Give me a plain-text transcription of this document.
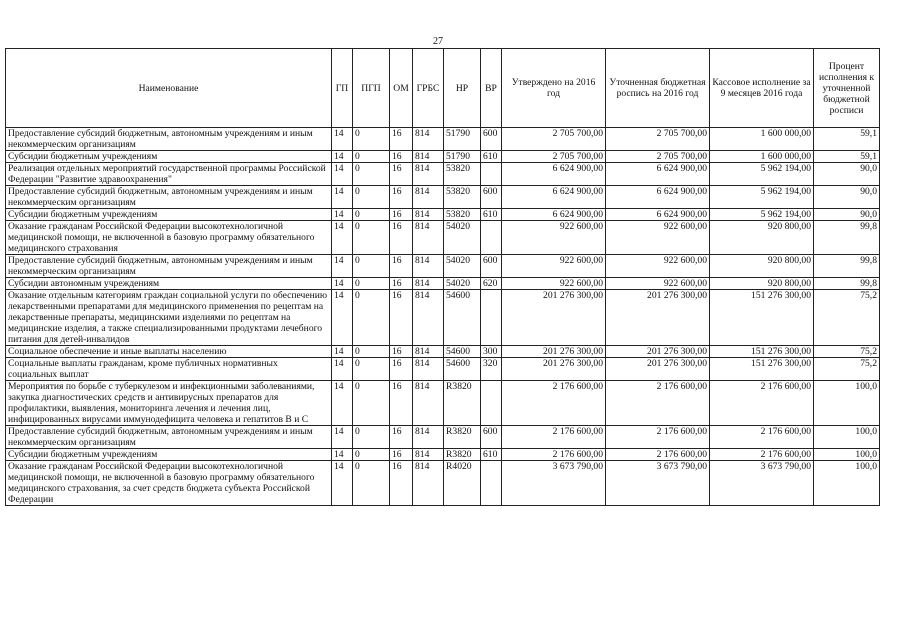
27
Наименование	ГП	ПГП	ОМ	ГРБС	НР	ВР	Утверждено на 2016 год	Уточненная бюджетная роспись на 2016 год	Кассовое исполнение за 9 месяцев 2016 года	Процент исполнения к уточненной бюджетной росписи
Предоставление субсидий бюджетным, автономным учреждениям и иным некоммерческим организациям	14	0	16	814	51790	600	2 705 700,00	2 705 700,00	1 600 000,00	59,1
Субсидии бюджетным учреждениям	14	0	16	814	51790	610	2 705 700,00	2 705 700,00	1 600 000,00	59,1
Реализация отдельных мероприятий государственной программы Российской Федерации "Развитие здравоохранения"	14	0	16	814	53820		6 624 900,00	6 624 900,00	5 962 194,00	90,0
Предоставление субсидий бюджетным, автономным учреждениям и иным некоммерческим организациям	14	0	16	814	53820	600	6 624 900,00	6 624 900,00	5 962 194,00	90,0
Субсидии бюджетным учреждениям	14	0	16	814	53820	610	6 624 900,00	6 624 900,00	5 962 194,00	90,0
Оказание гражданам Российской Федерации высокотехнологичной медицинской помощи, не включенной в базовую программу обязательного медицинского страхования	14	0	16	814	54020		922 600,00	922 600,00	920 800,00	99,8
Предоставление субсидий бюджетным, автономным учреждениям и иным некоммерческим организациям	14	0	16	814	54020	600	922 600,00	922 600,00	920 800,00	99,8
Субсидии автономным учреждениям	14	0	16	814	54020	620	922 600,00	922 600,00	920 800,00	99,8
Оказание отдельным категориям граждан социальной услуги по обеспечению лекарственными препаратами для медицинского применения по рецептам на лекарственные препараты, медицинскими изделиями по рецептам на медицинские изделия, а также специализированными продуктами лечебного питания для детей-инвалидов	14	0	16	814	54600		201 276 300,00	201 276 300,00	151 276 300,00	75,2
Социальное обеспечение и иные выплаты населению	14	0	16	814	54600	300	201 276 300,00	201 276 300,00	151 276 300,00	75,2
Социальные выплаты гражданам, кроме публичных нормативных социальных выплат	14	0	16	814	54600	320	201 276 300,00	201 276 300,00	151 276 300,00	75,2
Мероприятия по борьбе с туберкулезом и инфекционными заболеваниями, закупка диагностических средств и антивирусных препаратов для профилактики, выявления, мониторинга лечения и лечения лиц, инфицированных вирусами иммунодефицита человека и гепатитов В и С	14	0	16	814	R3820		2 176 600,00	2 176 600,00	2 176 600,00	100,0
Предоставление субсидий бюджетным, автономным учреждениям и иным некоммерческим организациям	14	0	16	814	R3820	600	2 176 600,00	2 176 600,00	2 176 600,00	100,0
Субсидии бюджетным учреждениям	14	0	16	814	R3820	610	2 176 600,00	2 176 600,00	2 176 600,00	100,0
Оказание гражданам Российской Федерации высокотехнологичной медицинской помощи, не включенной в базовую программу обязательного медицинского страхования, за счет средств бюджета субъекта Российской Федерации	14	0	16	814	R4020		3 673 790,00	3 673 790,00	3 673 790,00	100,0
